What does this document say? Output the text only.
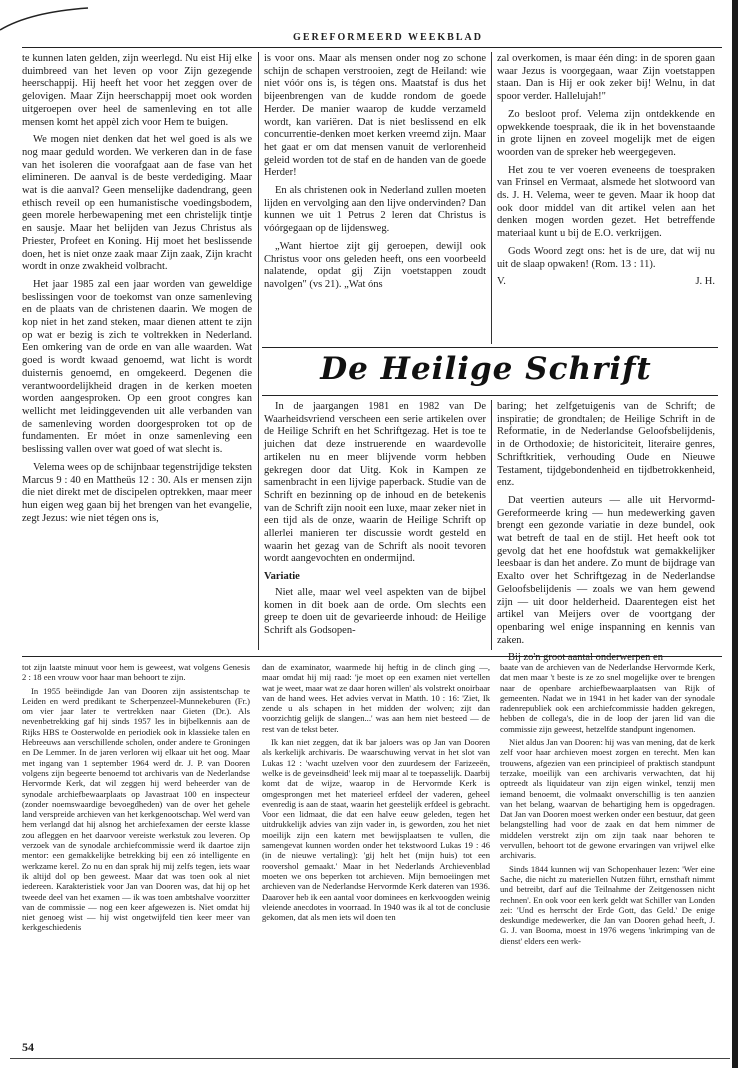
GEREFORMEERD WEEKBLAD

te kunnen laten gelden, zijn weerlegd. Nu eist Hij elke duimbreed van het leven op voor Zijn gezegende heerschappij. Hij heeft het voor het zeggen over de gelovigen. Maar Zijn heerschappij moet ook worden uitgeroepen over heel de samenleving en tot alle mensen komt het appèl zich voor Hem te buigen.

We mogen niet denken dat het wel goed is als we nog maar geduld worden. We verkeren dan in de fase van het isoleren die voorafgaat aan de fase van het elimineren. De aanval is de beste verdediging. Maar wat is die aanval? Geen menselijke dadendrang, geen ethisch reveil op een humanistische voedingsbodem, geen morele herbewapening met een christelijk tintje en sausje. Maar het belijden van Jezus Christus als Priester, Profeet en Koning. Hij moet het beslissende doen, het is niet onze zaak maar Zijn zaak, Zijn kracht wordt in onze zwakheid volbracht.

Het jaar 1985 zal een jaar worden van geweldige beslissingen voor de toekomst van onze samenleving en de plaats van de christenen daarin. We mogen de kop niet in het zand steken, maar dienen attent te zijn op wat er bezig is zich te voltrekken in Nederland. Een omkering van de orde en van alle waarden. Wat goed is wordt kwaad genoemd, wat licht is wordt duisternis genoemd, en omgekeerd. Degenen die verantwoordelijkheid dragen in de kerken moeten worden aangesproken. Op een groot congres kan wellicht met leidinggevenden uit alle verbanden van de samenleving worden doorgesproken tot op de fundamenten. Er móet in onze samenleving een beslissing vallen over wat goed of wat slecht is.

Velema wees op de schijnbaar tegenstrijdige teksten Marcus 9 : 40 en Mattheüs 12 : 30. Als er mensen zijn die niet direkt met de discipelen optrekken, maar meer hun eigen weg gaan bij het brengen van het evangelie, zegt Jezus: wie niet tégen ons is,

is voor ons. Maar als mensen onder nog zo schone schijn de schapen verstrooien, zegt de Heiland: wie niet vóór ons is, is tégen ons. Maatstaf is dus het bijeenbrengen van de kudde rondom de goede Herder. De manier waarop de kudde verzameld wordt, kan variëren. Dat is niet beslissend en elk concurrentie-denken moet kerken vreemd zijn. Maar het gaat er om dat mensen vanuit de verlorenheid geleid worden tot de staf en de handen van de goede Herder!

En als christenen ook in Nederland zullen moeten lijden en vervolging aan den lijve ondervinden? Dan kunnen we uit 1 Petrus 2 leren dat Christus is vóórgegaan op de lijdensweg.

„Want hiertoe zijt gij geroepen, dewijl ook Christus voor ons geleden heeft, ons een voorbeeld nalatende, opdat gij Zijn voetstappen zoudt navolgen" (vs 21). „Wat óns

zal overkomen, is maar één ding: in de sporen gaan waar Jezus is voorgegaan, waar Zijn voetstappen staan. Dan is Hij er ook zeker bij! Welnu, in dat spoor verder. Hallelujah!"

Zo besloot prof. Velema zijn ontdekkende en opwekkende toespraak, die ik in het bovenstaande in grote lijnen en zoveel mogelijk met de eigen woorden van de spreker heb weergegeven.

Het zou te ver voeren eveneens de toespraken van Frinsel en Vermaat, alsmede het slotwoord van ds. J. H. Velema, weer te geven. Maar ik hoop dat ook door middel van dit artikel velen aan het denken mogen worden gezet. Het betreffende materiaal kunt u bij de E.O. verkrijgen.

Gods Woord zegt ons: het is de ure, dat wij nu uit de slaap opwaken! (Rom. 13 : 11).

V.	J. H.
De Heilige Schrift

In de jaargangen 1981 en 1982 van De Waarheidsvriend verscheen een serie artikelen over de Heilige Schrift en het Schriftgezag. Het is toe te juichen dat deze instruerende en waardevolle artikelen nu en meer blijvende vorm hebben gekregen door dat Uitg. Kok in Kampen ze samenbracht in een lijvige paperback. Studie van de Schrift en bezinning op de inhoud en de betekenis van de Schrift zijn nooit een luxe, maar zeker niet in een tijd als de onze, waarin de Heilige Schrift op allerlei manieren ter discussie wordt gesteld en waarin het gezag van de Schrift als nooit tevoren wordt aangevochten en ondermijnd.

Variatie

Niet alle, maar wel veel aspekten van de bijbel komen in dit boek aan de orde. Om slechts een greep te doen uit de gevarieerde inhoud: de Heilige Schrift als Godsopen-

baring; het zelfgetuigenis van de Schrift; de inspiratie; de grondtalen; de Heilige Schrift in de Reformatie, in de Nederlandse Geloofsbelijdenis, in de Orthodoxie; de historiciteit, literaire genres, Schriftkritiek, verhouding Oude en Nieuwe Testament, tijdgebondenheid en tijdbetrokkenheid, enz.

Dat veertien auteurs — alle uit Hervormd-Gereformeerde kring — hun medewerking gaven brengt een gezonde variatie in deze bundel, ook wat betreft de taal en de stijl. Het heeft ook tot gevolg dat het ene hoofdstuk wat gemakkelijker leesbaar is dan het andere. Zo munt de bijdrage van Exalto over het Schriftgezag in de Nederlandse Geloofsbelijdenis — zoals we van hem gewend zijn — uit door helderheid. Daarentegen eist het artikel van Meijers over de voortgang der openbaring wel enige inspanning en kennis van zaken.

Bij zo'n groot aantal onderwerpen en

tot zijn laatste minuut voor hem is geweest, wat volgens Genesis 2 : 18 een vrouw voor haar man behoort te zijn.

In 1955 beëindigde Jan van Dooren zijn assistentschap te Leiden en werd predikant te Scherpenzeel-Munnekeburen (Fr.) om vier jaar later te vertrekken naar Gieten (Dr.). Als nevenbetrekking gaf hij sinds 1957 les in bijbelkennis aan de Rijks HBS te Oosterwolde en periodiek ook in klassieke talen en Hebreeuws aan verschillende scholen, onder andere te Groningen en De Lemmer. In de jaren verloren wij elkaar uit het oog. Maar met ingang van 1 september 1964 werd dr. J. P. van Dooren volgens zijn begeerte benoemd tot archivaris van de Nederlandse Hervormde Kerk, dat wil zeggen hij werd beheerder van de synodale archiefbewaarplaats op Javastraat 100 en inspecteur (zonder noemswaardige bevoegdheden) van de over het gehele land verspreide archieven van het kerkgenootschap. Wel werd van hem verlangd dat hij alsnog het archiefexamen der eerste klasse zou afleggen en het daarvoor vereiste werkstuk zou leveren. Op verzoek van de synodale archiefcommissie werd ik daartoe zijn mentor: een gemakkelijke betrekking bij een zó intelligente en werkzame kerel. Zo nu en dan sprak hij mij zelfs tegen, iets waar ik altijd dol op ben geweest. Maar dat was toen ook al niet iedereen. Karakteristiek voor Jan van Dooren was, dat hij op het tweede deel van het examen — ik was toen ambtshalve voorzitter van de commissie — nog een keer afgewezen is. Niet omdat hij niet genoeg wist — hij wist ongetwijfeld tien keer meer van kerkgeschiedenis

dan de examinator, waarmede hij heftig in de clinch ging —, maar omdat hij mij raad: 'je moet op een examen niet vertellen wat je weet, maar wat ze daar horen willen' als volstrekt onoirbaar van de hand wees. Het advies vervat in Matth. 10 : 16: 'Ziet, Ik zende u als schapen in het midden der wolven; zijt dan voorzichtig gelijk de slangen...' was aan hem niet besteed — de rest van de tekst beter.

Ik kan niet zeggen, dat ik bar jaloers was op Jan van Dooren als kerkelijk archivaris. De waarschuwing vervat in het slot van Lukas 12 : 'wacht uzelven voor den zuurdesem der Farizeeën, welke is de geveinsdheid' leek mij maar al te toepasselijk. Daarbij komt dat de wijze, waarop in de Hervormde Kerk is omgesprongen met het materieel erfdeel der vaderen, geheel evenredig is aan de staat, waarin het geestelijk erfdeel is gebracht. Voor een lidmaat, die dat een halve eeuw geleden, tegen het uitdrukkelijk advies van zijn vader in, is geworden, zou het niet moeilijk zijn een katern met bewijsplaatsen te vullen, die samengevat kunnen worden onder het tekstwoord Lukas 19 : 46 (in de nieuwe vertaling): 'gij helt het (mijn huis) tot een roovershol gemaakt.' Maar in het Nederlands Archievenblad moeten we ons beperken tot archieven. Mijn bemoeiingen met archieven van de Nederlandse Hervormde Kerk dateren van 1936. Daarover heb ik een aantal voor dominees en kerkvoogden weinig vleiende anecdotes in voorraad. In 1940 was ik al tot de conclusie gekomen, dat als men iets wil doen ten

baate van de archieven van de Nederlandse Hervormde Kerk, dat men maar 't beste is ze zo snel mogelijke over te brengen naar de openbare archiefbewaarplaatsen van Rijk of gemeenten. Nadat we in 1941 in het kader van der synodale radenrepubliek ook een archiefcommissie hadden gekregen, hebben de collega's, die in de loop der jaren lid van die commissie zijn geweest, hetzelfde standpunt ingenomen.

Niet aldus Jan van Dooren: hij was van mening, dat de kerk zelf voor haar archieven moest zorgen en terecht. Men kan trouwens, afgezien van een principieel of praktisch standpunt terzake, moeilijk van een archivaris verwachten, dat hij optreedt als liquidateur van zijn eigen winkel, tenzij men iemand benoemt, die volmaakt onverschillig is ten aanzien van het belang, waarvan de behartiging hem is opgedragen. Dat Jan van Dooren moest werken onder een bestuur, dat geen belangstelling had voor de zaak en dat hem nimmer de middelen verstrekt zijn om zijn taak naar behoren te vervullen, behoort tot de gewone ervaringen van vrijwel elke archivaris.

Sinds 1844 kunnen wij van Schopenhauer lezen: 'Wer eine Sache, die nicht zu materiellen Nutzen führt, ernsthaft nimmt und betreibt, darf auf die Teilnahme der Zeitgenossen nicht rechnen'. En ook voor een kerk geldt wat Schiller van Londen zei: 'Und es herrscht der Erde Gott, das Geld.' De enige deskundige medewerker, die Jan van Dooren gehad heeft, J. G. J. van Booma, moest in 1976 wegens 'inkrimping van de dienst' elders een werk-

54
